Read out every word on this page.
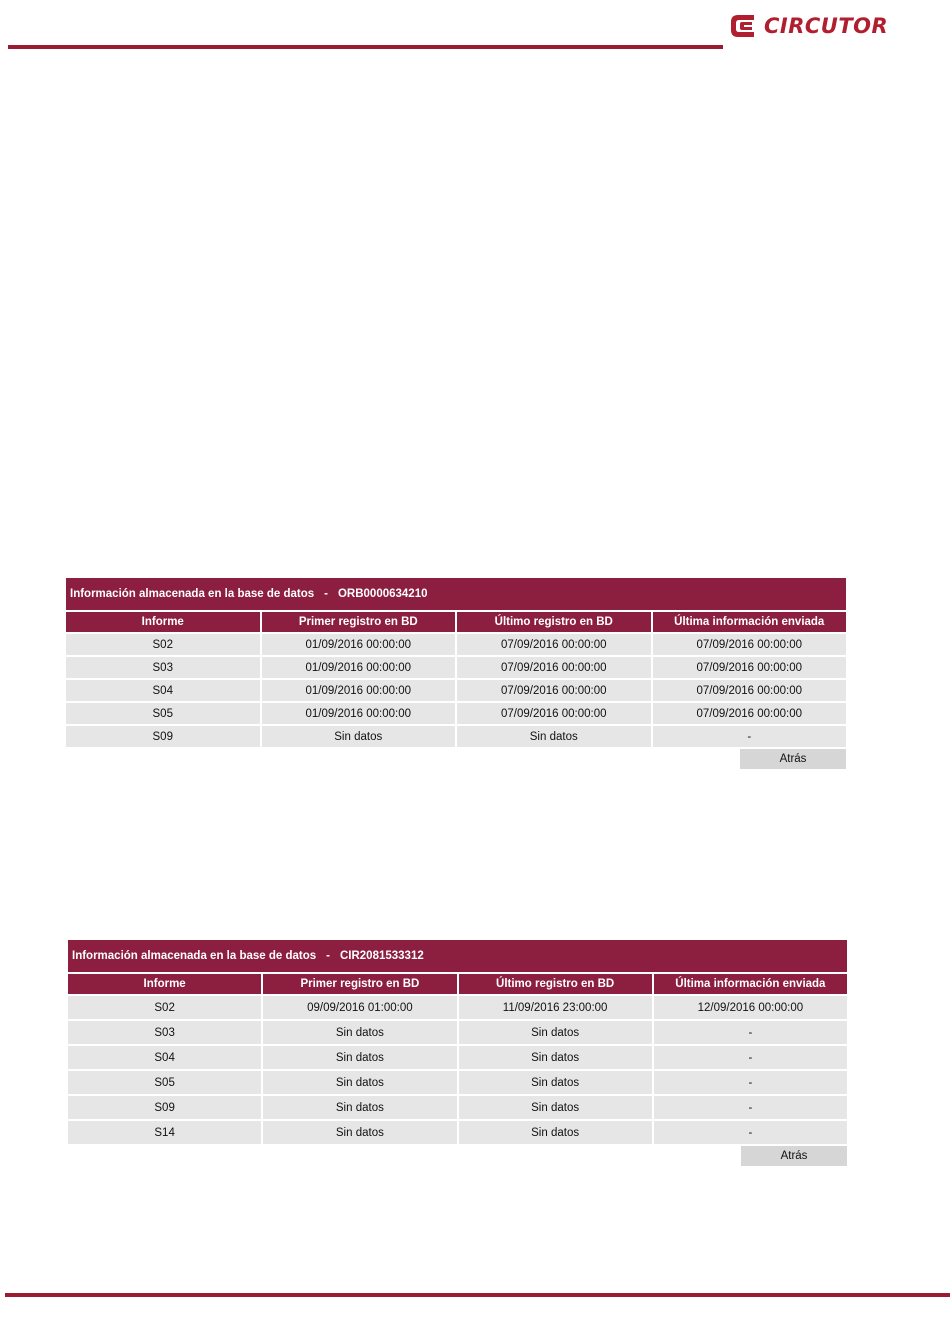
CIRCUTOR
Información almacenada en la base de datos - ORB0000634210
Informe	Primer registro en BD	Último registro en BD	Última información enviada
S02	01/09/2016 00:00:00	07/09/2016 00:00:00	07/09/2016 00:00:00
S03	01/09/2016 00:00:00	07/09/2016 00:00:00	07/09/2016 00:00:00
S04	01/09/2016 00:00:00	07/09/2016 00:00:00	07/09/2016 00:00:00
S05	01/09/2016 00:00:00	07/09/2016 00:00:00	07/09/2016 00:00:00
S09	Sin datos	Sin datos	-
Atrás
Información almacenada en la base de datos - CIR2081533312
Informe	Primer registro en BD	Último registro en BD	Última información enviada
S02	09/09/2016 01:00:00	11/09/2016 23:00:00	12/09/2016 00:00:00
S03	Sin datos	Sin datos	-
S04	Sin datos	Sin datos	-
S05	Sin datos	Sin datos	-
S09	Sin datos	Sin datos	-
S14	Sin datos	Sin datos	-
Atrás
